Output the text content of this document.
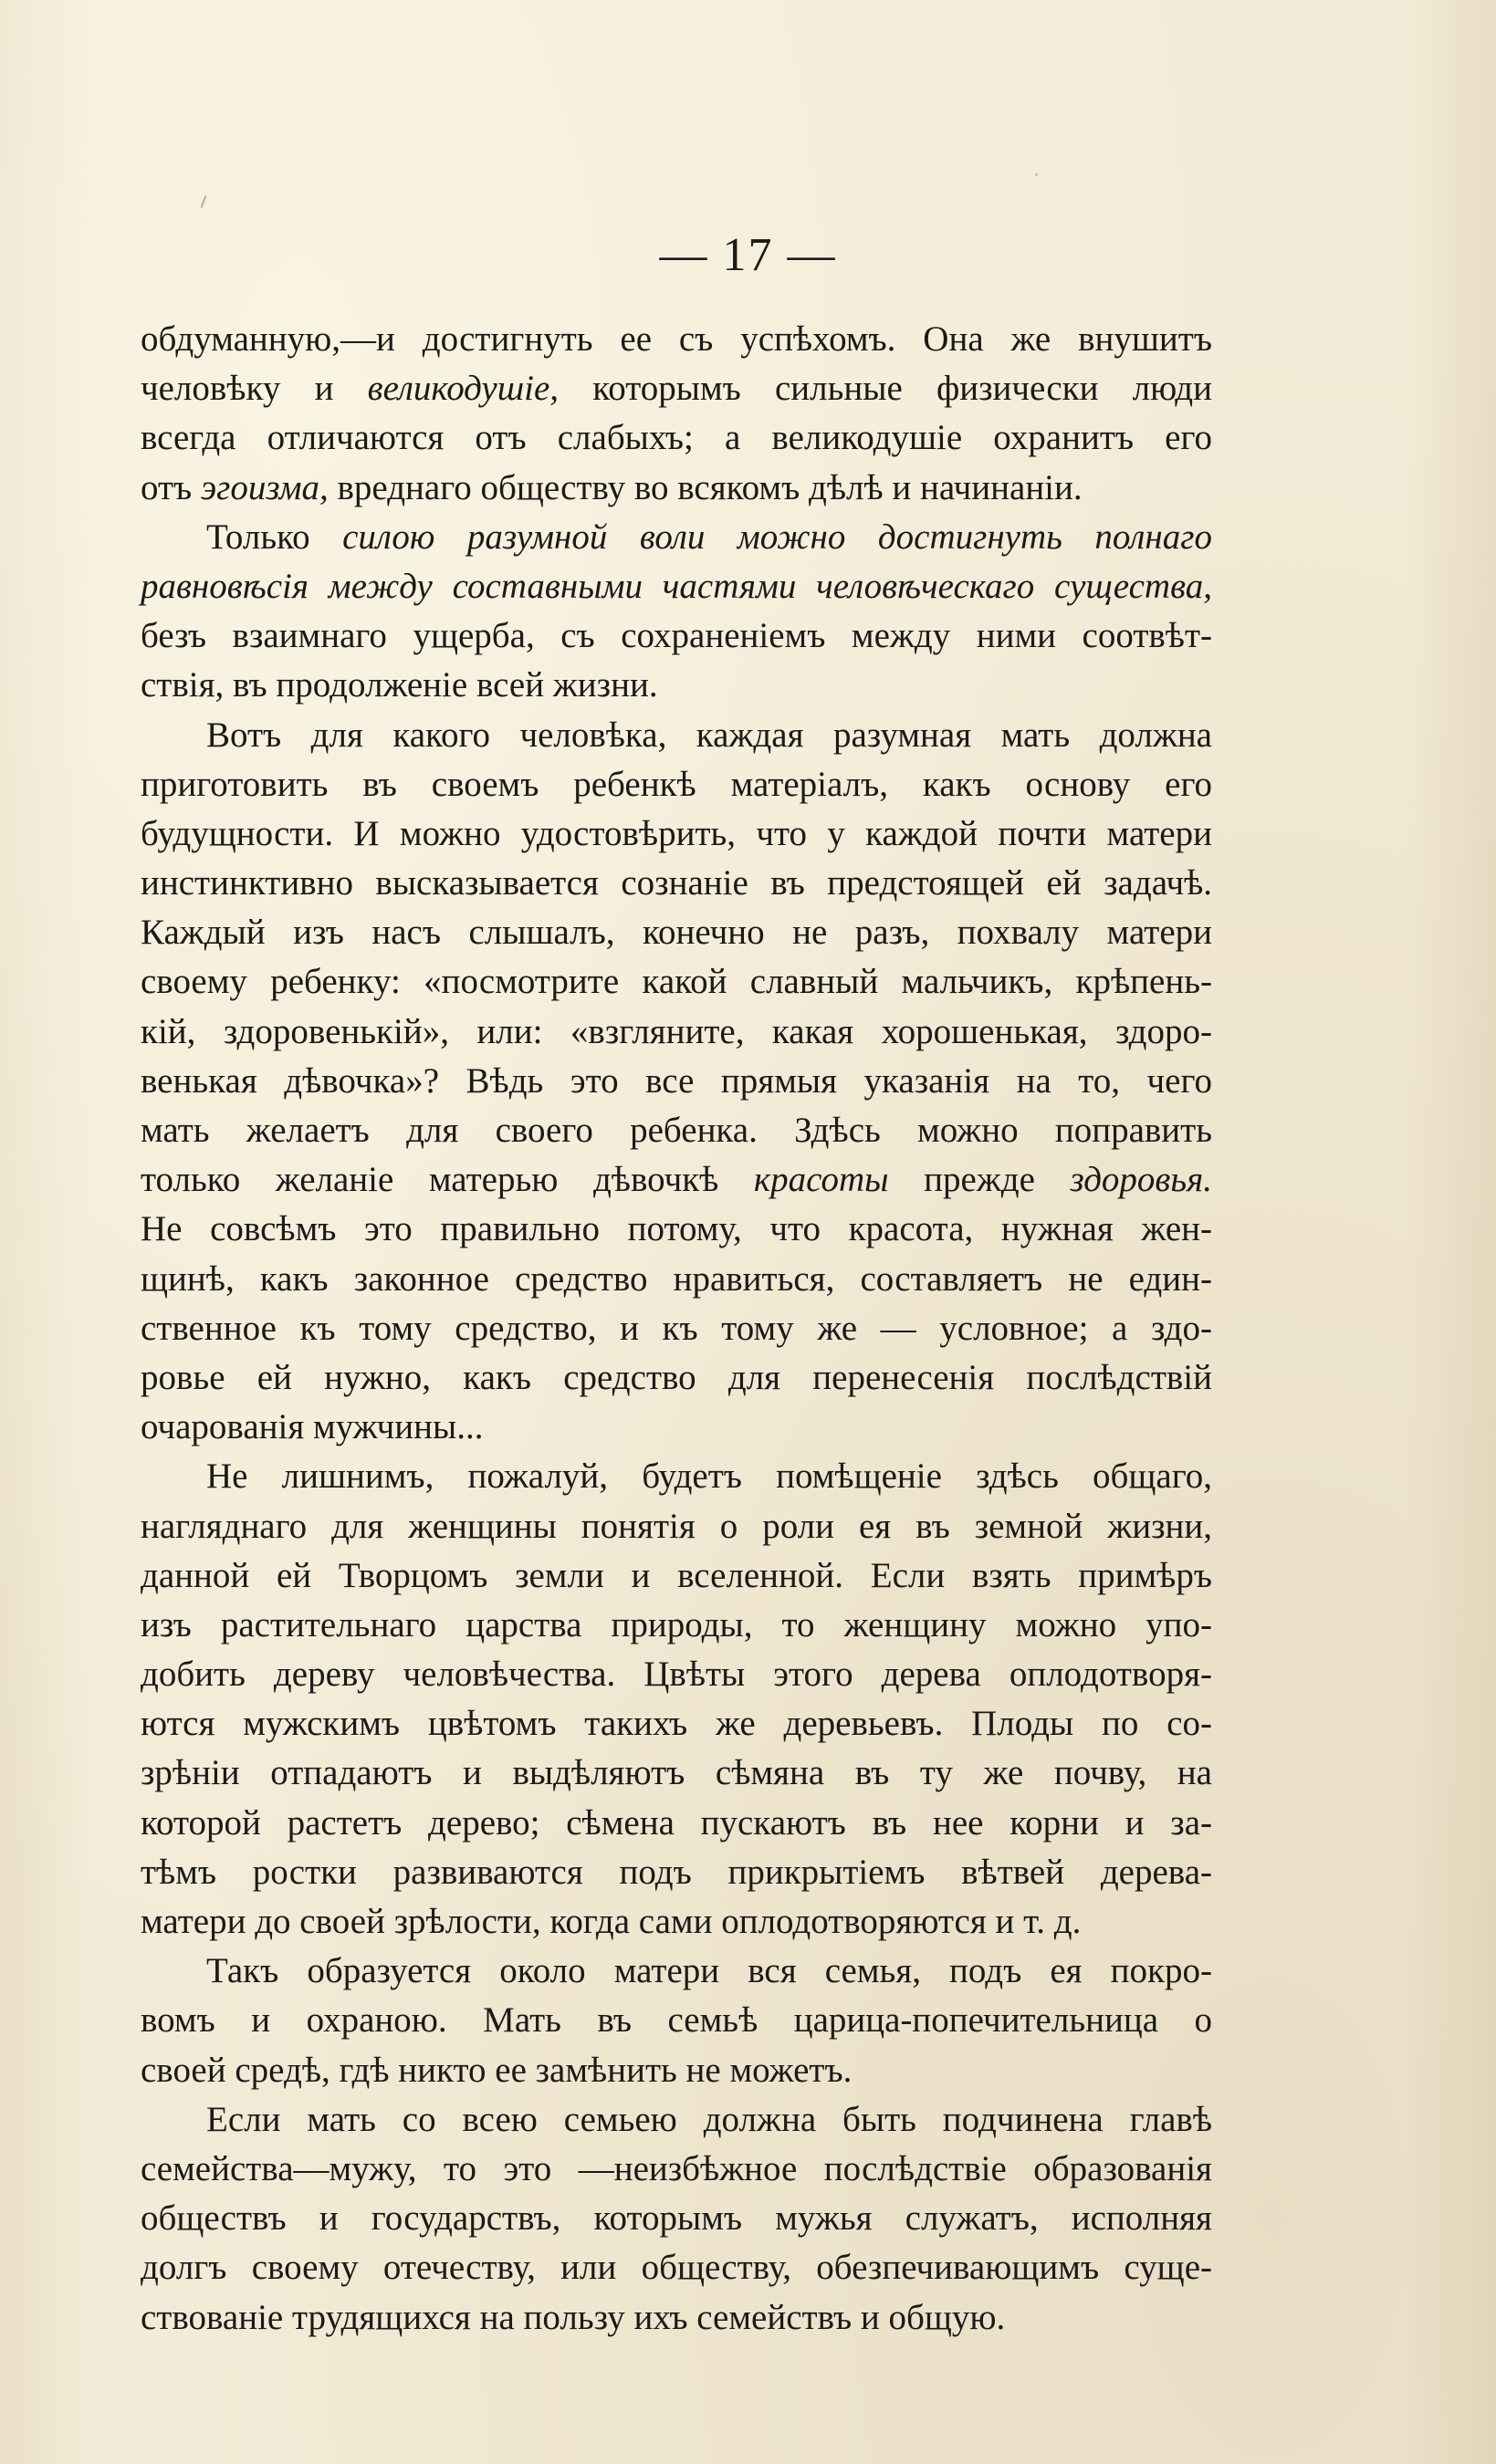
— 17 —
обдуманную,—и достигнуть ее съ успѣхомъ. Она же внушитъ
человѣку и великодушіе, которымъ сильные физически люди
всегда отличаются отъ слабыхъ; а великодушіе охранитъ его
отъ эгоизма, вреднаго обществу во всякомъ дѣлѣ и начинаніи.
Только силою разумной воли можно достигнуть полнаго
равновѣсія между составными частями человѣческаго существа,
безъ взаимнаго ущерба, съ сохраненіемъ между ними соотвѣт-
ствія, въ продолженіе всей жизни.
Вотъ для какого человѣка, каждая разумная мать должна
приготовить въ своемъ ребенкѣ матеріалъ, какъ основу его
будущности. И можно удостовѣрить, что у каждой почти матери
инстинктивно высказывается сознаніе въ предстоящей ей задачѣ.
Каждый изъ насъ слышалъ, конечно не разъ, похвалу матери
своему ребенку: «посмотрите какой славный мальчикъ, крѣпень-
кій, здоровенькій», или: «взгляните, какая хорошенькая, здоро-
венькая дѣвочка»? Вѣдь это все прямыя указанія на то, чего
мать желаетъ для своего ребенка. Здѣсь можно поправить
только желаніе матерью дѣвочкѣ красоты прежде здоровья.
Не совсѣмъ это правильно потому, что красота, нужная жен-
щинѣ, какъ законное средство нравиться, составляетъ не един-
ственное къ тому средство, и къ тому же — условное; а здо-
ровье ей нужно, какъ средство для перенесенія послѣдствій
очарованія мужчины...
Не лишнимъ, пожалуй, будетъ помѣщеніе здѣсь общаго,
нагляднаго для женщины понятія о роли ея въ земной жизни,
данной ей Творцомъ земли и вселенной. Если взять примѣръ
изъ растительнаго царства природы, то женщину можно упо-
добить дереву человѣчества. Цвѣты этого дерева оплодотворя-
ются мужскимъ цвѣтомъ такихъ же деревьевъ. Плоды по со-
зрѣніи отпадаютъ и выдѣляютъ сѣмяна въ ту же почву, на
которой растетъ дерево; сѣмена пускаютъ въ нее корни и за-
тѣмъ ростки развиваются подъ прикрытіемъ вѣтвей дерева-
матери до своей зрѣлости, когда сами оплодотворяются и т. д.
Такъ образуется около матери вся семья, подъ ея покро-
вомъ и охраною. Мать въ семьѣ царица-попечительница о
своей средѣ, гдѣ никто ее замѣнить не можетъ.
Если мать со всею семьею должна быть подчинена главѣ
семейства—мужу, то это —неизбѣжное послѣдствіе образованія
обществъ и государствъ, которымъ мужья служатъ, исполняя
долгъ своему отечеству, или обществу, обезпечивающимъ суще-
ствованіе трудящихся на пользу ихъ семействъ и общую.
